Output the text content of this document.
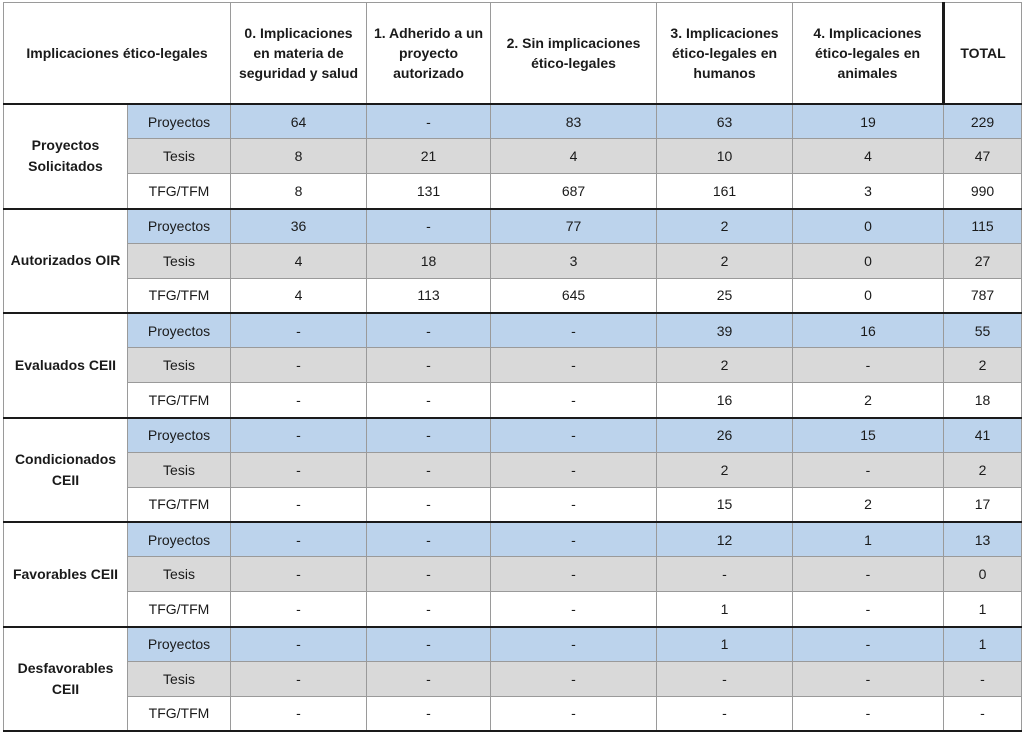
Implicaciones ético-legales		0. Implicaciones en materia de seguridad y salud	1. Adherido a un proyecto autorizado	2. Sin implicaciones ético-legales	3. Implicaciones ético-legales en humanos	4. Implicaciones ético-legales en animales	TOTAL
Proyectos Solicitados	Proyectos	64	-	83	63	19	229
	Tesis	8	21	4	10	4	47
	TFG/TFM	8	131	687	161	3	990
Autorizados OIR	Proyectos	36	-	77	2	0	115
	Tesis	4	18	3	2	0	27
	TFG/TFM	4	113	645	25	0	787
Evaluados CEII	Proyectos	-	-	-	39	16	55
	Tesis	-	-	-	2	-	2
	TFG/TFM	-	-	-	16	2	18
Condicionados CEII	Proyectos	-	-	-	26	15	41
	Tesis	-	-	-	2	-	2
	TFG/TFM	-	-	-	15	2	17
Favorables CEII	Proyectos	-	-	-	12	1	13
	Tesis	-	-	-	-	-	0
	TFG/TFM	-	-	-	1	-	1
Desfavorables CEII	Proyectos	-	-	-	1	-	1
	Tesis	-	-	-	-	-	-
	TFG/TFM	-	-	-	-	-	-
